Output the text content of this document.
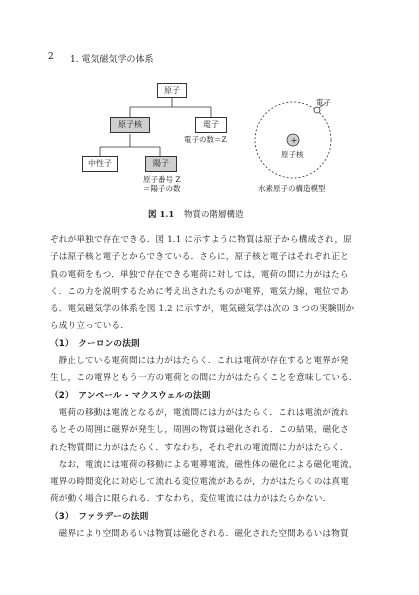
2 1. 電気磁気学の体系
原子
原子核	電子
電子の数＝Z
中性子	陽子
原子番号 Z
＝陽子の数
+
電子
原子核
水素原子の構造模型
図 1.1 物質の階層構造

ぞれが単独で存在できる．図 1.1 に示すように物質は原子から構成され，原

子は原子核と電子とからできている．さらに，原子核と電子はそれぞれ正と

負の電荷をもつ．単独で存在できる電荷に対しては，電荷の間に力がはたら

く．この力を説明するために考え出されたものが電界，電気力線，電位であ

る．電気磁気学の体系を図 1.2 に示すが，電気磁気学は次の 3 つの実験則か

ら成り立っている．

（1）　クーロンの法則

静止している電荷間には力がはたらく．これは電荷が存在すると電界が発

生し，この電界ともう一方の電荷との間に力がはたらくことを意味している．

（2）　アンペール - マクスウェルの法則

電荷の移動は電流となるが，電流間には力がはたらく．これは電流が流れ

るとその周囲に磁界が発生し，周囲の物質は磁化される．この結果，磁化さ

れた物質間に力がはたらく．すなわち，それぞれの電流間に力がはたらく．

なお，電流には電荷の移動による電導電流，磁性体の磁化による磁化電流，

電界の時間変化に対応して流れる変位電流があるが，力がはたらくのは真電

荷が動く場合に限られる．すなわち，変位電流には力がはたらかない．

（3）　ファラデーの法則

磁界により空間あるいは物質は磁化される．磁化された空間あるいは物質
